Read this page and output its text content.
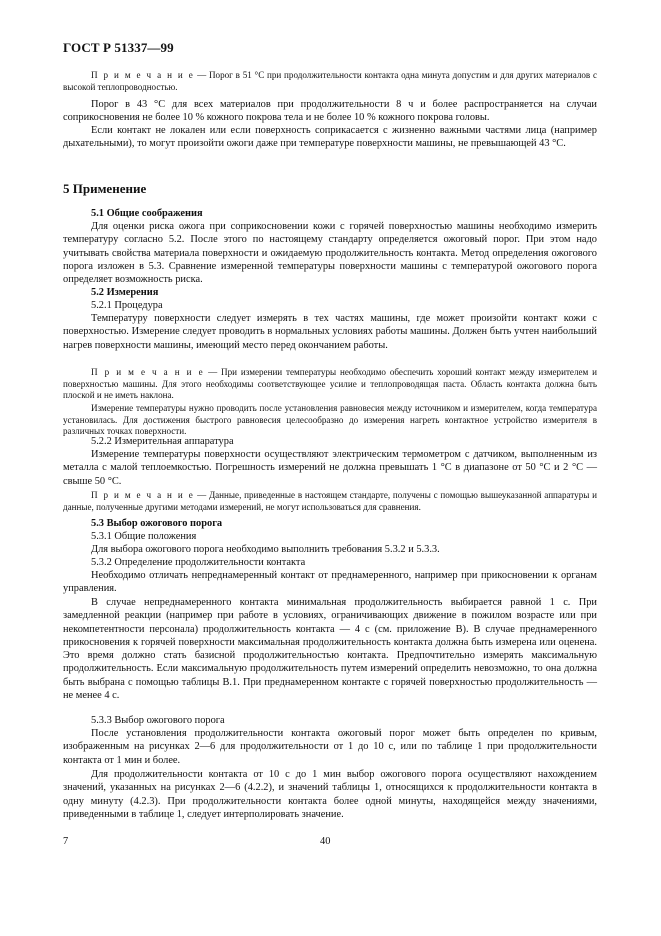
ГОСТ Р 51337—99
П р и м е ч а н и е — Порог в 51 °С при продолжительности контакта одна минута допустим и для других материалов с высокой теплопроводностью.
Порог в 43 °С для всех материалов при продолжительности 8 ч и более распространяется на случаи соприкосновения не более 10 % кожного покрова тела и не более 10 % кожного покрова головы.
Если контакт не локален или если поверхность соприкасается с жизненно важными частями лица (например дыхательными), то могут произойти ожоги даже при температуре поверхности машины, не превышающей 43 °С.
5 Применение
5.1 Общие соображения
Для оценки риска ожога при соприкосновении кожи с горячей поверхностью машины необходимо измерить температуру согласно 5.2. После этого по настоящему стандарту определяется ожоговый порог. При этом надо учитывать свойства материала поверхности и ожидаемую продолжительность контакта. Метод определения ожогового порога изложен в 5.3. Сравнение измеренной температуры поверхности машины с температурой ожогового порога определяет возможность риска.
5.2 Измерения
5.2.1 Процедура
Температуру поверхности следует измерять в тех частях машины, где может произойти контакт кожи с поверхностью. Измерение следует проводить в нормальных условиях работы машины. Должен быть учтен наибольший нагрев поверхности машины, имеющий место перед окончанием работы.
П р и м е ч а н и е — При измерении температуры необходимо обеспечить хороший контакт между измерителем и поверхностью машины. Для этого необходимы соответствующее усилие и теплопроводящая паста. Область контакта должна быть плоской и не иметь наклона.
Измерение температуры нужно проводить после установления равновесия между источником и измерителем, когда температура установилась. Для достижения быстрого равновесия целесообразно до измерения нагреть контактное устройство измерителя в различных точках поверхности.
5.2.2 Измерительная аппаратура
Измерение температуры поверхности осуществляют электрическим термометром с датчиком, выполненным из металла с малой теплоемкостью. Погрешность измерений не должна превышать 1 °С в диапазоне от 50 °С и 2 °С — свыше 50 °С.
П р и м е ч а н и е — Данные, приведенные в настоящем стандарте, получены с помощью вышеуказанной аппаратуры и данные, полученные другими методами измерений, не могут использоваться для сравнения.
5.3 Выбор ожогового порога
5.3.1 Общие положения
Для выбора ожогового порога необходимо выполнить требования 5.3.2 и 5.3.3.
5.3.2 Определение продолжительности контакта
Необходимо отличать непреднамеренный контакт от преднамеренного, например при прикосновении к органам управления.
В случае непреднамеренного контакта минимальная продолжительность выбирается равной 1 с. При замедленной реакции (например при работе в условиях, ограничивающих движение в пожилом возрасте или при некомпетентности персонала) продолжительность контакта — 4 с (см. приложение В). В случае преднамеренного прикосновения к горячей поверхности максимальная продолжительность контакта должна быть измерена или оценена. Это время должно стать базисной продолжительностью контакта. Предпочтительно измерять максимальную продолжительность. Если максимальную продолжительность путем измерений определить невозможно, то она должна быть выбрана с помощью таблицы В.1. При преднамеренном контакте с горячей поверхностью продолжительность — не менее 4 с.
5.3.3 Выбор ожогового порога
После установления продолжительности контакта ожоговый порог может быть определен по кривым, изображенным на рисунках 2—6 для продолжительности от 1 до 10 с, или по таблице 1 при продолжительности контакта от 1 мин и более.
Для продолжительности контакта от 10 с до 1 мин выбор ожогового порога осуществляют нахождением значений, указанных на рисунках 2—6 (4.2.2), и значений таблицы 1, относящихся к продолжительности контакта в одну минуту (4.2.3). При продолжительности контакта более одной минуты, находящейся между значениями, приведенными в таблице 1, следует интерполировать значение.
7	40
